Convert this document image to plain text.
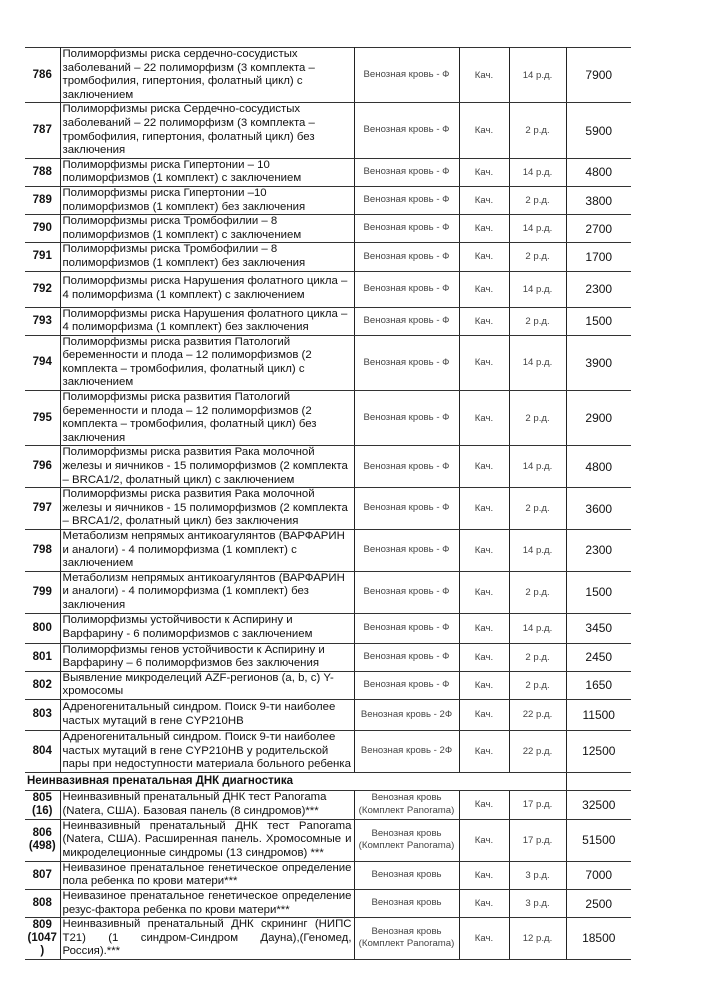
786	Полиморфизмы риска сердечно-сосудистых заболеваний – 22 полиморфизм (3 комплекта – тромбофилия, гипертония, фолатный цикл) с заключением	Венозная кровь - Ф	Кач.	14 р.д.	7900
787	Полиморфизмы риска Сердечно-сосудистых заболеваний – 22 полиморфизм (3 комплекта – тромбофилия, гипертония, фолатный цикл) без заключения	Венозная кровь - Ф	Кач.	2 р.д.	5900
788	Полиморфизмы риска Гипертонии – 10 полиморфизмов (1 комплект) с заключением	Венозная кровь - Ф	Кач.	14 р.д.	4800
789	Полиморфизмы риска Гипертонии –10 полиморфизмов (1 комплект) без заключения	Венозная кровь - Ф	Кач.	2 р.д.	3800
790	Полиморфизмы риска Тромбофилии – 8 полиморфизмов (1 комплект) с заключением	Венозная кровь - Ф	Кач.	14 р.д.	2700
791	Полиморфизмы риска Тромбофилии – 8 полиморфизмов (1 комплект) без заключения	Венозная кровь - Ф	Кач.	2 р.д.	1700
792	Полиморфизмы риска Нарушения фолатного цикла – 4 полиморфизма (1 комплект) с заключением	Венозная кровь - Ф	Кач.	14 р.д.	2300
793	Полиморфизмы риска Нарушения фолатного цикла – 4 полиморфизма (1 комплект) без заключения	Венозная кровь - Ф	Кач.	2 р.д.	1500
794	Полиморфизмы риска развития Патологий беременности и плода – 12 полиморфизмов (2 комплекта – тромбофилия, фолатный цикл) с заключением	Венозная кровь - Ф	Кач.	14 р.д.	3900
795	Полиморфизмы риска развития Патологий беременности и плода – 12 полиморфизмов (2 комплекта – тромбофилия, фолатный цикл) без заключения	Венозная кровь - Ф	Кач.	2 р.д.	2900
796	Полиморфизмы риска развития Рака молочной железы и яичников - 15 полиморфизмов (2 комплекта – BRCA1/2, фолатный цикл) с заключением	Венозная кровь - Ф	Кач.	14 р.д.	4800
797	Полиморфизмы риска развития Рака молочной железы и яичников - 15 полиморфизмов (2 комплекта – BRCA1/2, фолатный цикл) без заключения	Венозная кровь - Ф	Кач.	2 р.д.	3600
798	Метаболизм непрямых антикоагулянтов (ВАРФАРИН и аналоги) - 4 полиморфизма (1 комплект) с заключением	Венозная кровь - Ф	Кач.	14 р.д.	2300
799	Метаболизм непрямых антикоагулянтов (ВАРФАРИН и аналоги) - 4 полиморфизма (1 комплект) без заключения	Венозная кровь - Ф	Кач.	2 р.д.	1500
800	Полиморфизмы устойчивости к Аспирину и Варфарину - 6 полиморфизмов с заключением	Венозная кровь - Ф	Кач.	14 р.д.	3450
801	Полиморфизмы генов устойчивости к Аспирину и Варфарину – 6 полиморфизмов без заключения	Венозная кровь - Ф	Кач.	2 р.д.	2450
802	Выявление микроделеций AZF-регионов (a, b, c) Y-хромосомы	Венозная кровь - Ф	Кач.	2 р.д.	1650
803	Адреногенитальный синдром. Поиск 9-ти наиболее частых мутаций в гене CYP210HB	Венозная кровь - 2Ф	Кач.	22 р.д.	11500
804	Адреногенитальный синдром. Поиск 9-ти наиболее частых мутаций в гене CYP210HB у родительской пары при недоступности материала больного ребенка	Венозная кровь - 2Ф	Кач.	22 р.д.	12500
Неинвазивная пренатальная ДНК диагностика					
805 (16)	Неинвазивный пренатальный ДНК тест Panorama (Natera, США). Базовая панель (8 синдромов)***	Венозная кровь (Комплект Panorama)	Кач.	17 р.д.	32500
806 (498)	Неинвазивный пренатальный ДНК тест Panorama (Natera, США). Расширенная панель. Хромосомные и микроделеционные синдромы (13 синдромов) ***	Венозная кровь (Комплект Panorama)	Кач.	17 р.д.	51500
807	Неивазиное пренатальное генетическое определение пола ребенка по крови матери***	Венозная кровь	Кач.	3 р.д.	7000
808	Неивазиное пренатальное генетическое определение резус-фактора ребенка по крови матери***	Венозная кровь	Кач.	3 р.д.	2500
809 (1047 )	Неинвазивный пренатальный ДНК скрининг (НИПС Т21) (1 синдром-Синдром Дауна),(Геномед, Россия).***	Венозная кровь (Комплект Panorama)	Кач.	12 р.д.	18500
